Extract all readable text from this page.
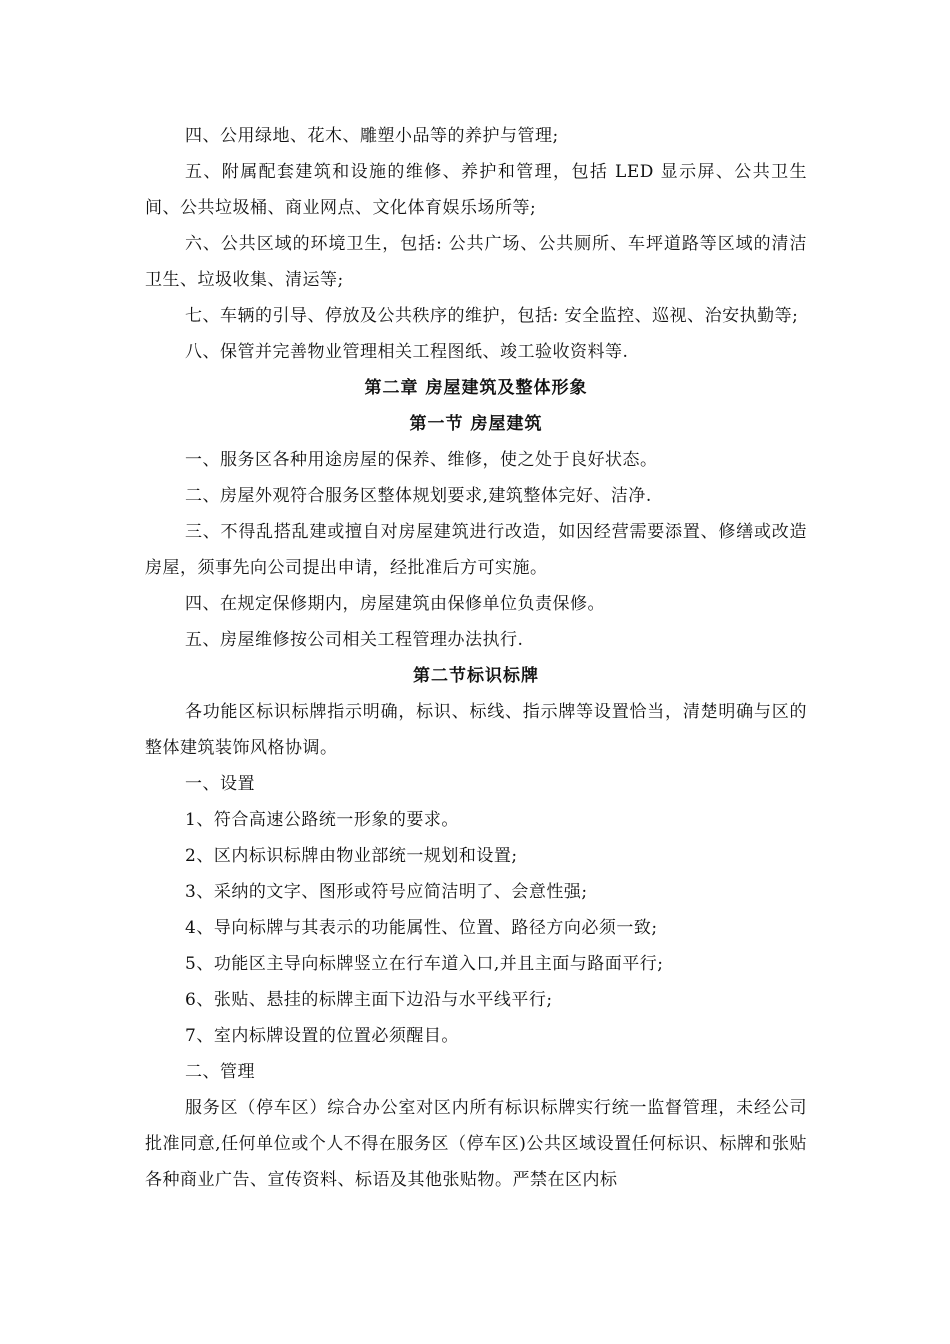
四、公用绿地、花木、雕塑小品等的养护与管理;

五、附属配套建筑和设施的维修、养护和管理，包括 LED 显示屏、公共卫生间、公共垃圾桶、商业网点、文化体育娱乐场所等;

六、公共区域的环境卫生，包括: 公共广场、公共厕所、车坪道路等区域的清洁卫生、垃圾收集、清运等;

七、车辆的引导、停放及公共秩序的维护，包括: 安全监控、巡视、治安执勤等;

八、保管并完善物业管理相关工程图纸、竣工验收资料等.

第二章 房屋建筑及整体形象
第一节 房屋建筑

一、服务区各种用途房屋的保养、维修，使之处于良好状态。

二、房屋外观符合服务区整体规划要求,建筑整体完好、洁净.

三、不得乱搭乱建或擅自对房屋建筑进行改造，如因经营需要添置、修缮或改造房屋，须事先向公司提出申请，经批准后方可实施。

四、在规定保修期内，房屋建筑由保修单位负责保修。

五、房屋维修按公司相关工程管理办法执行.

第二节标识标牌

各功能区标识标牌指示明确，标识、标线、指示牌等设置恰当，清楚明确与区的整体建筑装饰风格协调。

一、设置

1、符合高速公路统一形象的要求。

2、区内标识标牌由物业部统一规划和设置;

3、采纳的文字、图形或符号应简洁明了、会意性强;

4、导向标牌与其表示的功能属性、位置、路径方向必须一致;

5、功能区主导向标牌竖立在行车道入口,并且主面与路面平行;

6、张贴、悬挂的标牌主面下边沿与水平线平行;

7、室内标牌设置的位置必须醒目。

二、管理

服务区（停车区）综合办公室对区内所有标识标牌实行统一监督管理，未经公司批准同意,任何单位或个人不得在服务区（停车区)公共区域设置任何标识、标牌和张贴各种商业广告、宣传资料、标语及其他张贴物。严禁在区内标
